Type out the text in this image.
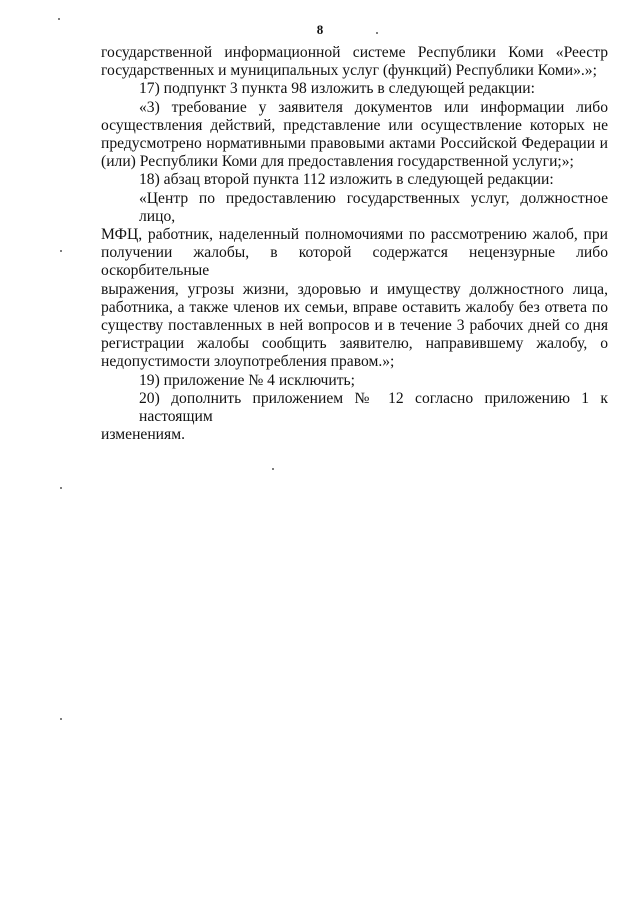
8
государственной информационной системе Республики Коми «Реестр
государственных и муниципальных услуг (функций) Республики Коми».»;
17) подпункт 3 пункта 98 изложить в следующей редакции:
«3) требование у заявителя документов или информации либо
осуществления действий, представление или осуществление которых не
предусмотрено нормативными правовыми актами Российской Федерации и
(или) Республики Коми для предоставления государственной услуги;»;
18) абзац второй пункта 112 изложить в следующей редакции:
«Центр по предоставлению государственных услуг, должностное лицо,
МФЦ, работник, наделенный полномочиями по рассмотрению жалоб, при
получении жалобы, в которой содержатся нецензурные либо оскорбительные
выражения, угрозы жизни, здоровью и имуществу должностного лица,
работника, а также членов их семьи, вправе оставить жалобу без ответа по
существу поставленных в ней вопросов и в течение 3 рабочих дней со дня
регистрации жалобы сообщить заявителю, направившему жалобу, о
недопустимости злоупотребления правом.»;
19) приложение № 4 исключить;
20) дополнить приложением № 12 согласно приложению 1 к настоящим
изменениям.
